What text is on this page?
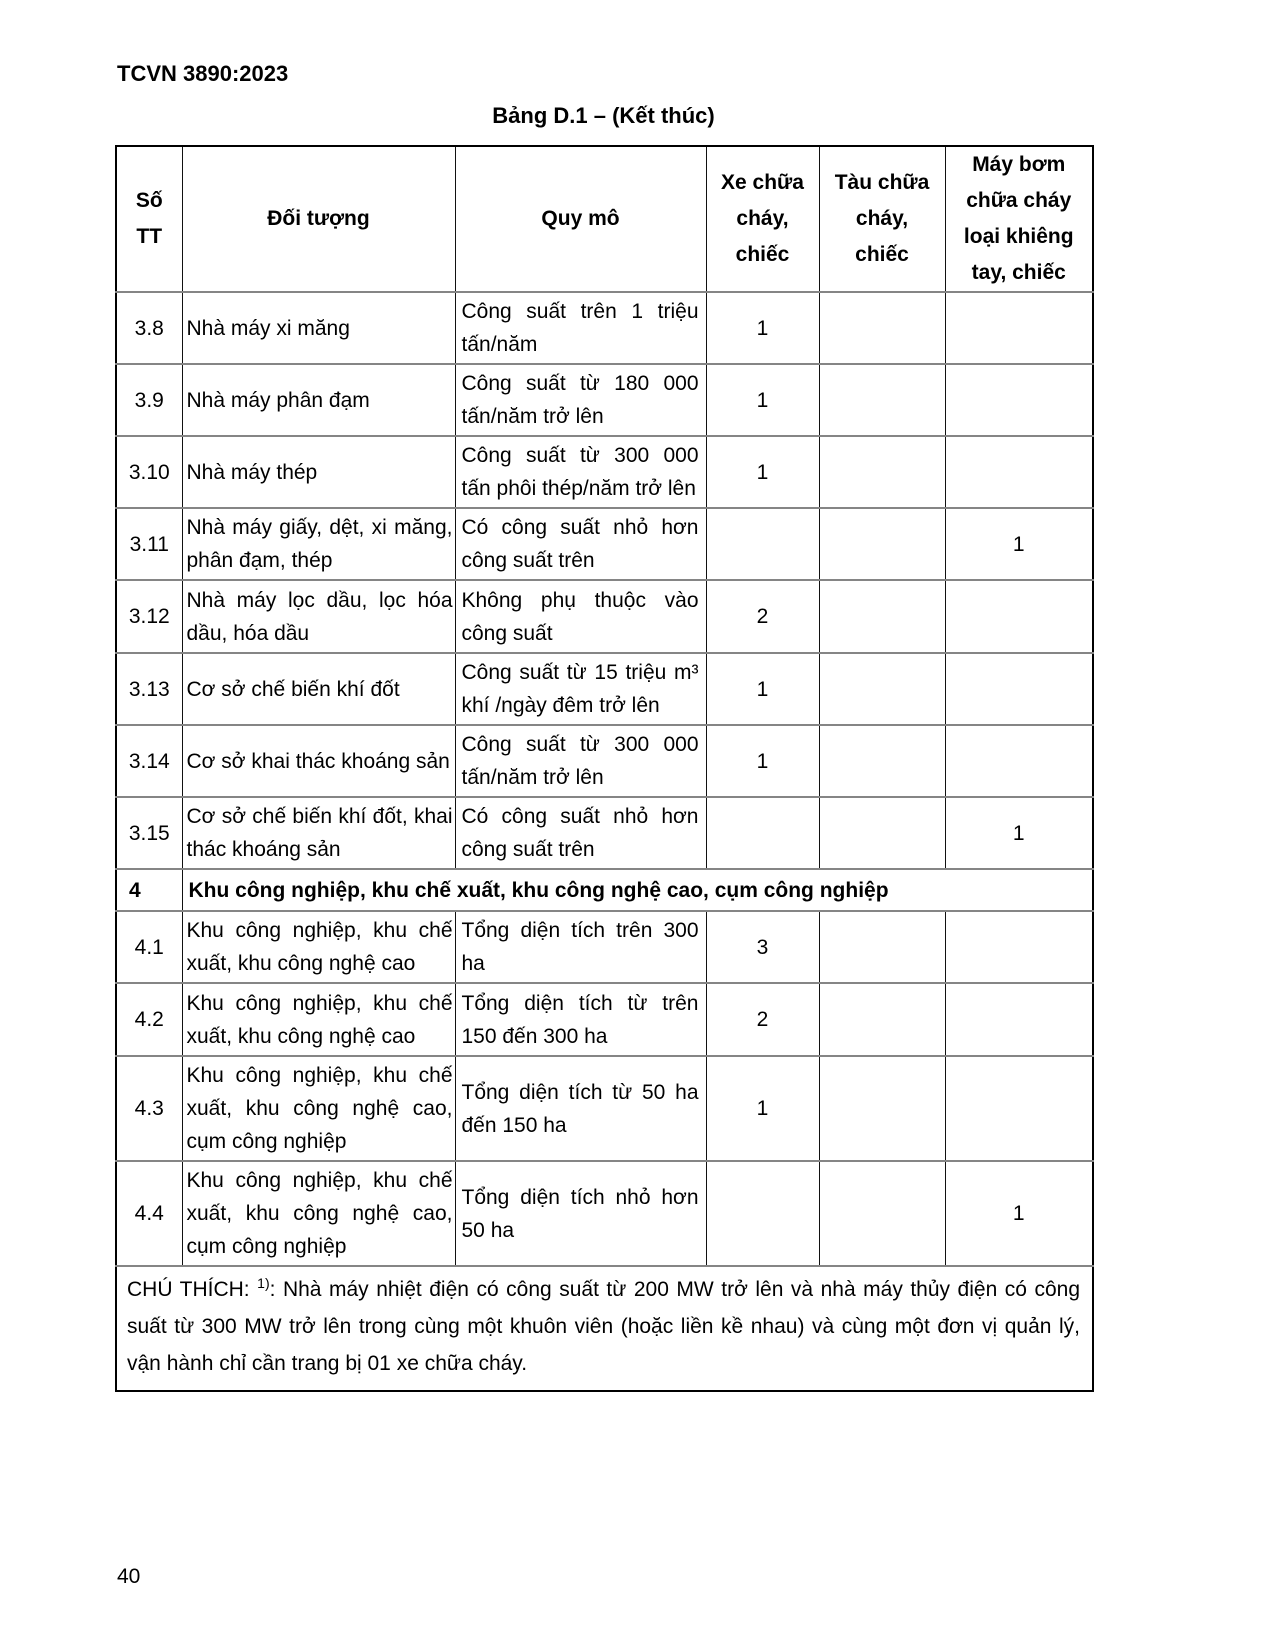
TCVN 3890:2023
Bảng D.1 – (Kết thúc)
Số TT	Đối tượng	Quy mô	Xe chữa cháy, chiếc	Tàu chữa cháy, chiếc	Máy bơm chữa cháy loại khiêng tay, chiếc
3.8	Nhà máy xi măng	Công suất trên 1 triệu tấn/năm	1		
3.9	Nhà máy phân đạm	Công suất từ 180 000 tấn/năm trở lên	1		
3.10	Nhà máy thép	Công suất từ 300 000 tấn phôi thép/năm trở lên	1		
3.11	Nhà máy giấy, dệt, xi măng, phân đạm, thép	Có công suất nhỏ hơn công suất trên			1
3.12	Nhà máy lọc dầu, lọc hóa dầu, hóa dầu	Không phụ thuộc vào công suất	2		
3.13	Cơ sở chế biến khí đốt	Công suất từ 15 triệu m³ khí /ngày đêm trở lên	1		
3.14	Cơ sở khai thác khoáng sản	Công suất từ 300 000 tấn/năm trở lên	1		
3.15	Cơ sở chế biến khí đốt, khai thác khoáng sản	Có công suất nhỏ hơn công suất trên			1
4	Khu công nghiệp, khu chế xuất, khu công nghệ cao, cụm công nghiệp				
4.1	Khu công nghiệp, khu chế xuất, khu công nghệ cao	Tổng diện tích trên 300 ha	3		
4.2	Khu công nghiệp, khu chế xuất, khu công nghệ cao	Tổng diện tích từ trên 150 đến 300 ha	2		
4.3	Khu công nghiệp, khu chế xuất, khu công nghệ cao, cụm công nghiệp	Tổng diện tích từ 50 ha đến 150 ha	1		
4.4	Khu công nghiệp, khu chế xuất, khu công nghệ cao, cụm công nghiệp	Tổng diện tích nhỏ hơn 50 ha			1
CHÚ THÍCH: $^{1)}$: Nhà máy nhiệt điện có công suất từ 200 MW trở lên và nhà máy thủy điện có công suất từ 300 MW trở lên trong cùng một khuôn viên (hoặc liền kề nhau) và cùng một đơn vị quản lý, vận hành chỉ cần trang bị 01 xe chữa cháy.					
40
